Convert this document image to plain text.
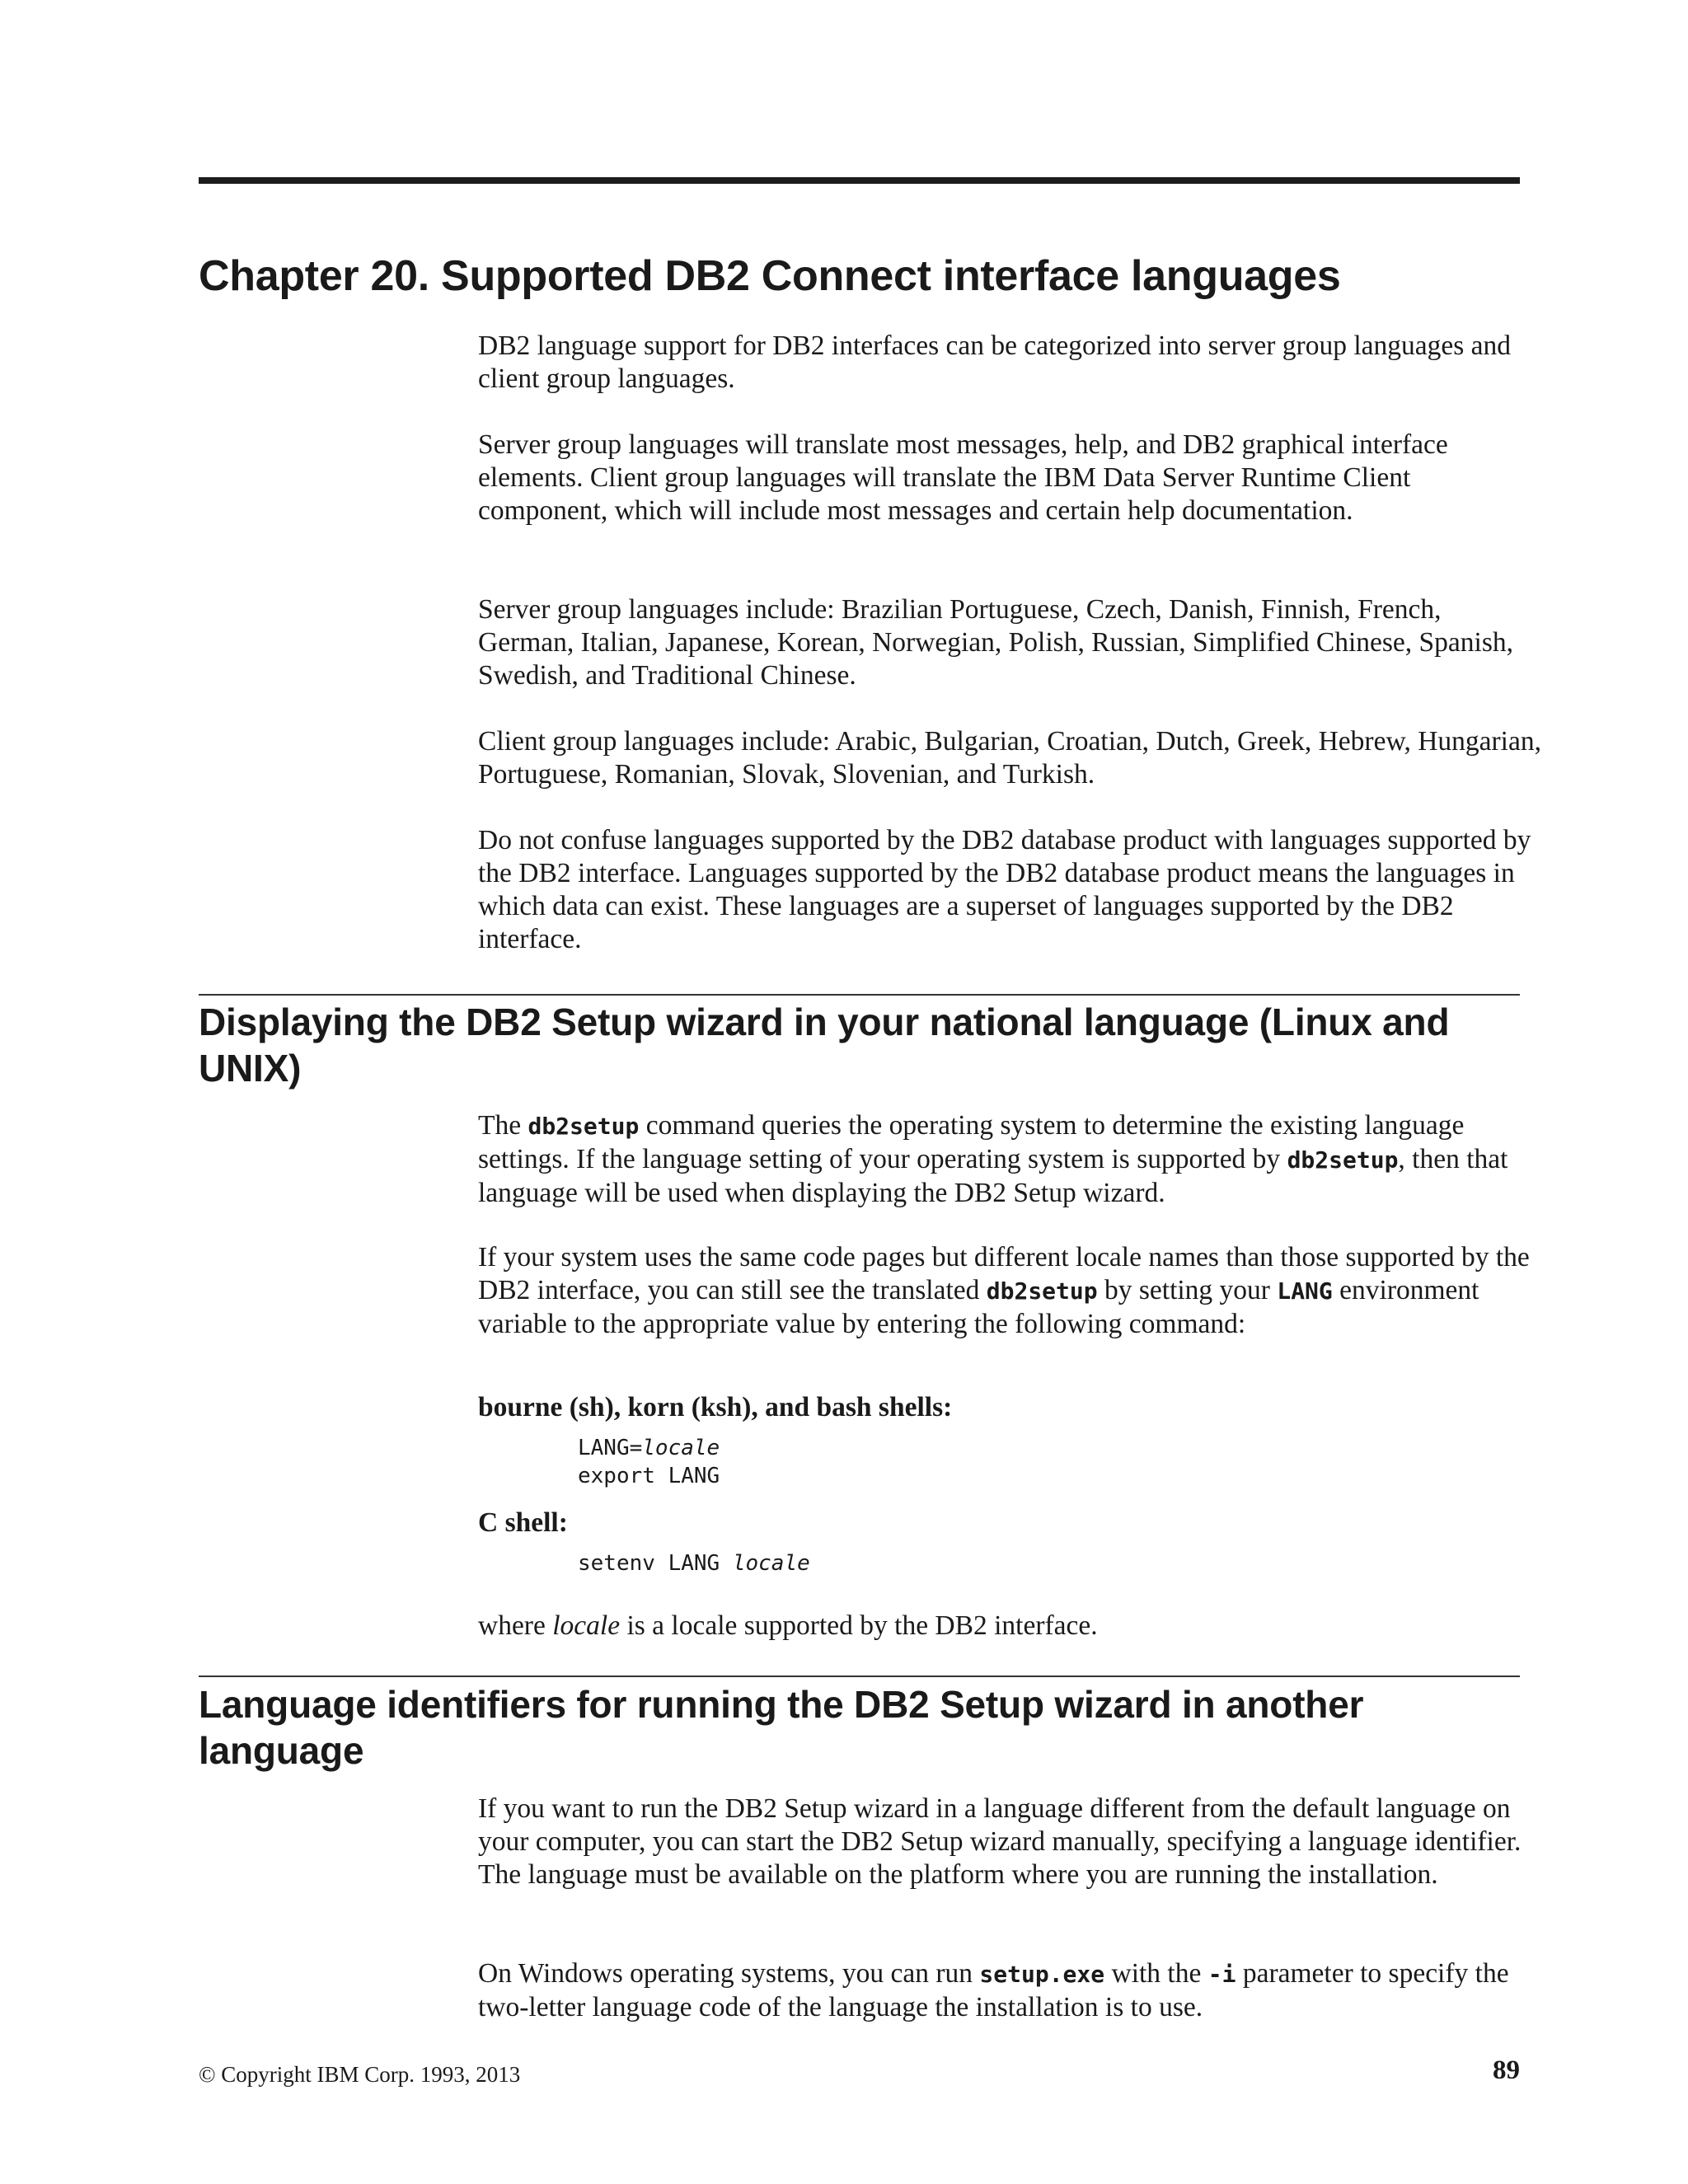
Chapter 20. Supported DB2 Connect interface languages

DB2 language support for DB2 interfaces can be categorized into server group languages and client group languages.

Server group languages will translate most messages, help, and DB2 graphical interface elements. Client group languages will translate the IBM Data Server Runtime Client component, which will include most messages and certain help documentation.

Server group languages include: Brazilian Portuguese, Czech, Danish, Finnish, French, German, Italian, Japanese, Korean, Norwegian, Polish, Russian, Simplified Chinese, Spanish, Swedish, and Traditional Chinese.

Client group languages include: Arabic, Bulgarian, Croatian, Dutch, Greek, Hebrew, Hungarian, Portuguese, Romanian, Slovak, Slovenian, and Turkish.

Do not confuse languages supported by the DB2 database product with languages supported by the DB2 interface. Languages supported by the DB2 database product means the languages in which data can exist. These languages are a superset of languages supported by the DB2 interface.

Displaying the DB2 Setup wizard in your national language (Linux and UNIX)

The db2setup command queries the operating system to determine the existing language settings. If the language setting of your operating system is supported by db2setup, then that language will be used when displaying the DB2 Setup wizard.

If your system uses the same code pages but different locale names than those supported by the DB2 interface, you can still see the translated db2setup by setting your LANG environment variable to the appropriate value by entering the following command:

bourne (sh), korn (ksh), and bash shells:

LANG=locale

export LANG

C shell:

setenv LANG locale

where locale is a locale supported by the DB2 interface.

Language identifiers for running the DB2 Setup wizard in another language

If you want to run the DB2 Setup wizard in a language different from the default language on your computer, you can start the DB2 Setup wizard manually, specifying a language identifier. The language must be available on the platform where you are running the installation.

On Windows operating systems, you can run setup.exe with the -i parameter to specify the two-letter language code of the language the installation is to use.

© Copyright IBM Corp. 1993, 2013	89
